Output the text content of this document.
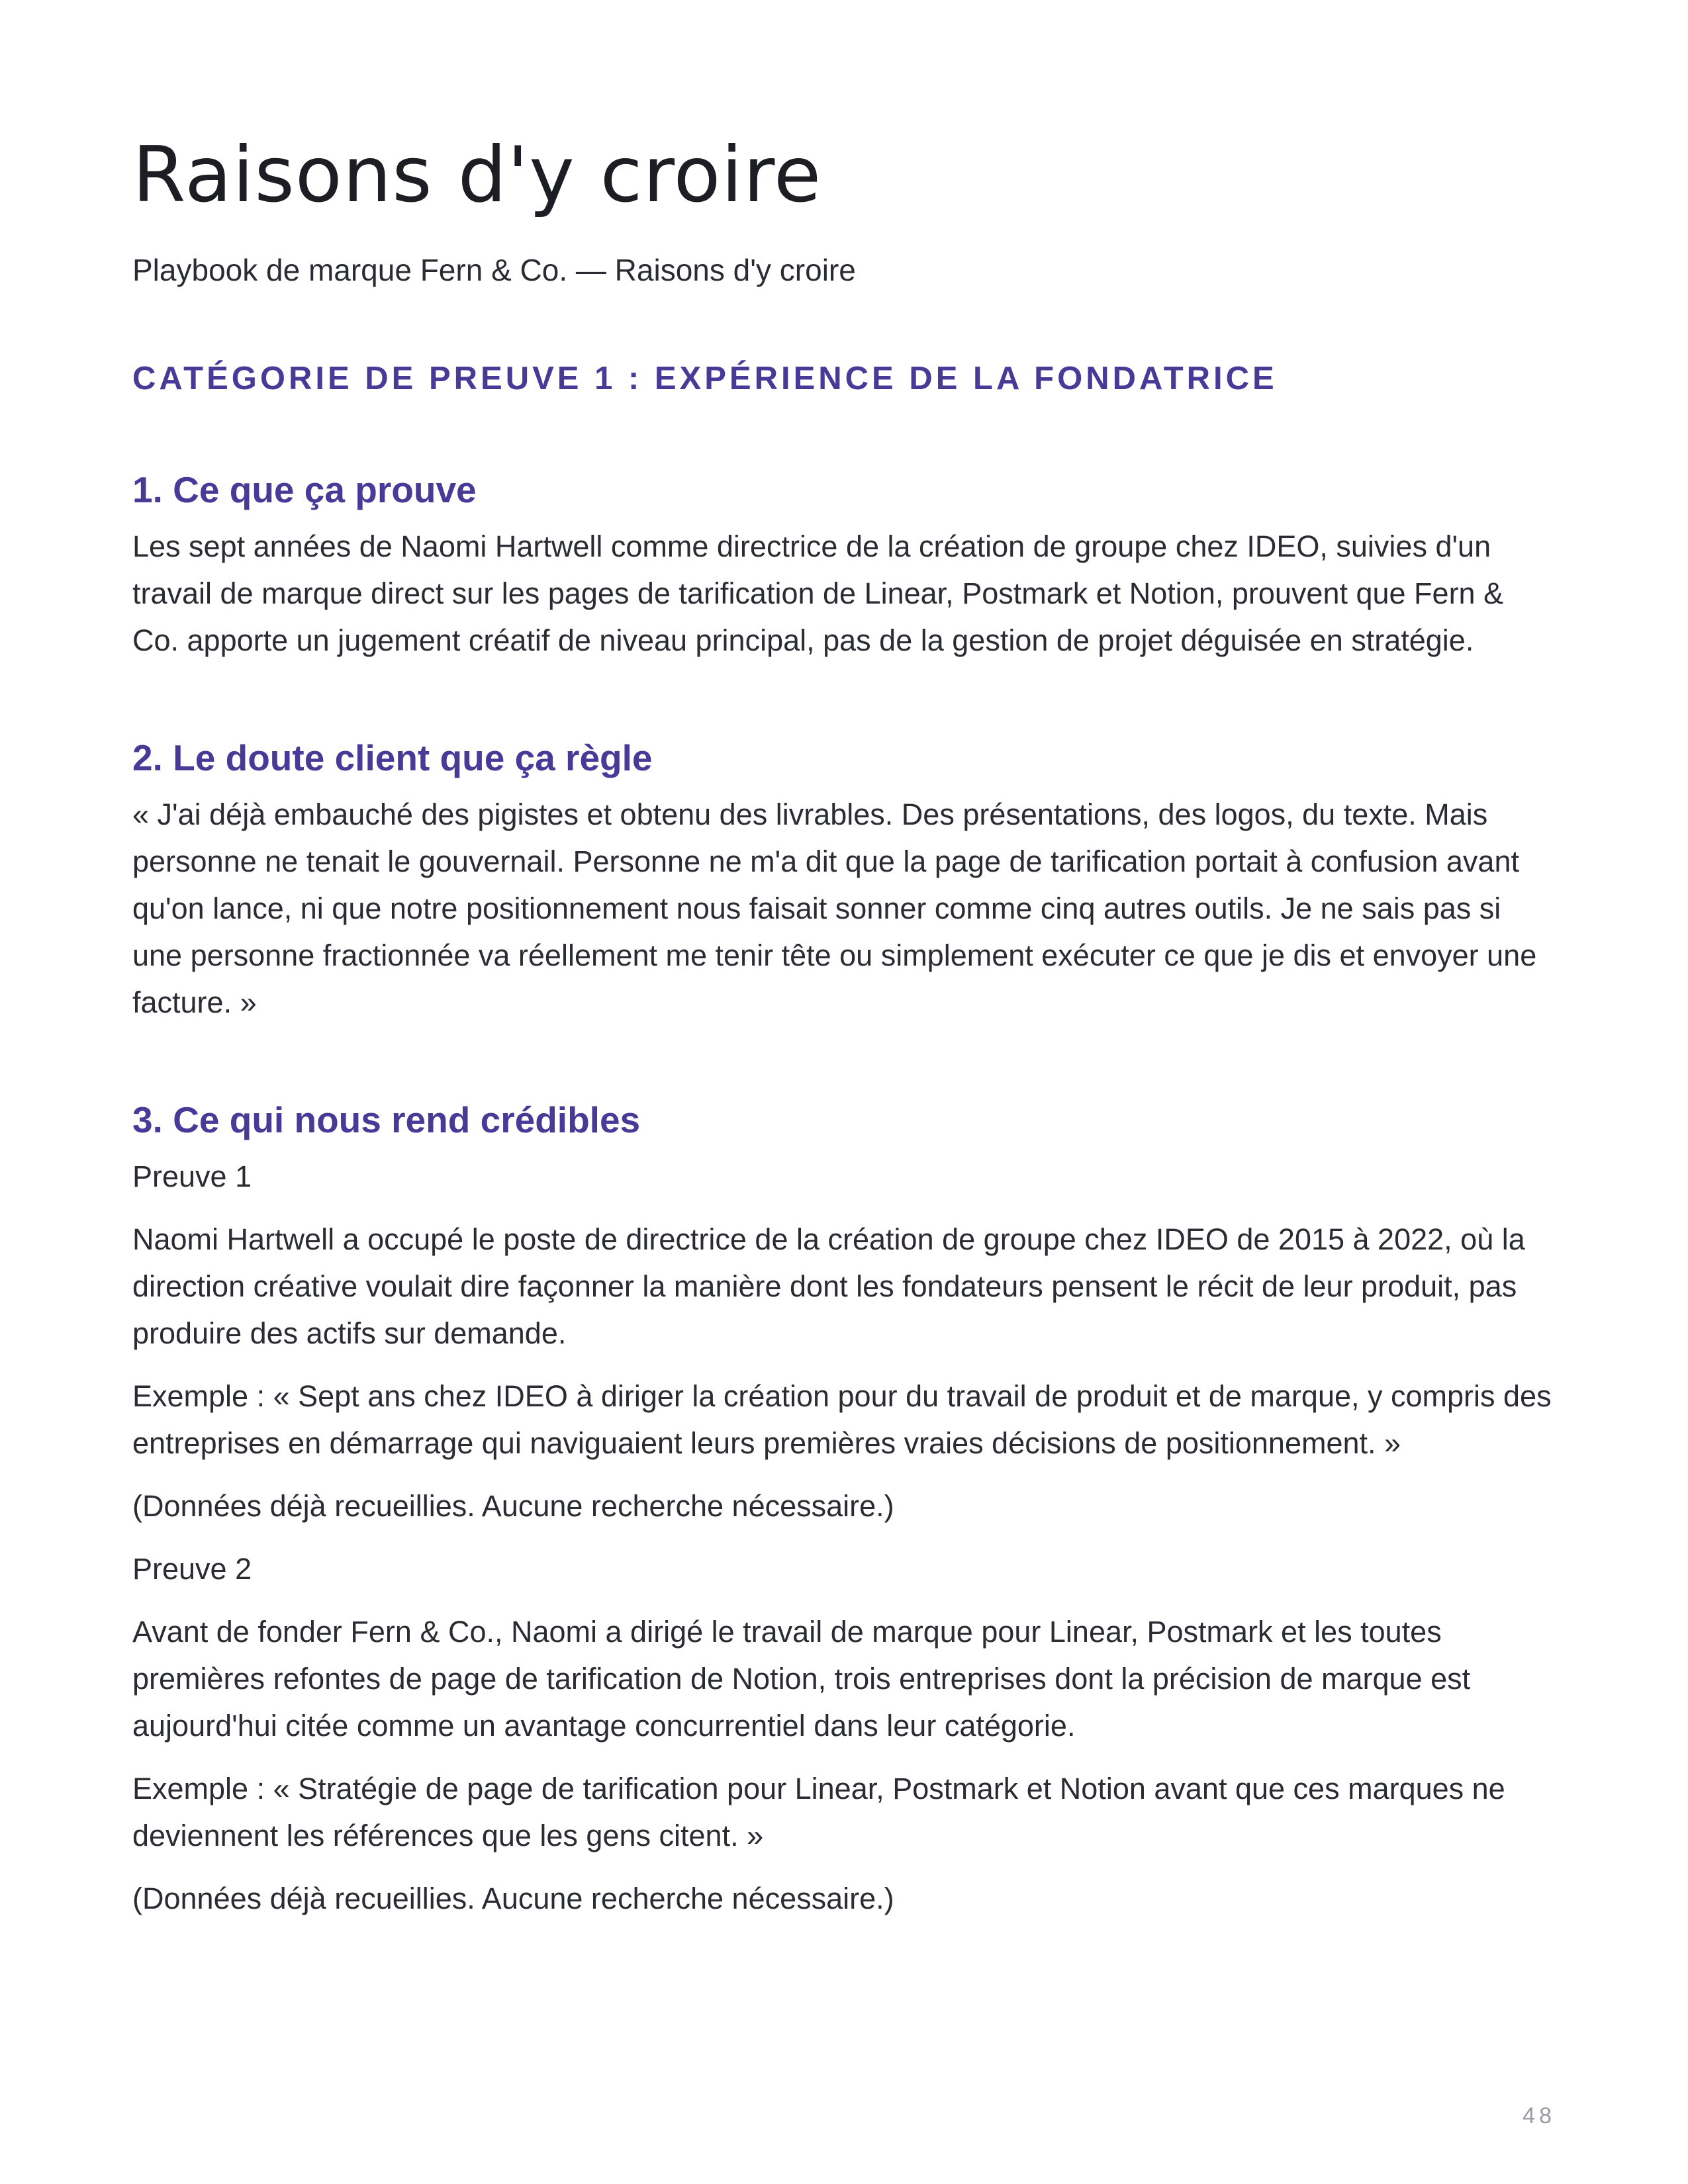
Raisons d'y croire
Playbook de marque Fern & Co. — Raisons d'y croire
CATÉGORIE DE PREUVE 1 : EXPÉRIENCE DE LA FONDATRICE
1. Ce que ça prouve

Les sept années de Naomi Hartwell comme directrice de la création de groupe chez IDEO, suivies d'un travail de marque direct sur les pages de tarification de Linear, Postmark et Notion, prouvent que Fern & Co. apporte un jugement créatif de niveau principal, pas de la gestion de projet déguisée en stratégie.

2. Le doute client que ça règle

« J'ai déjà embauché des pigistes et obtenu des livrables. Des présentations, des logos, du texte. Mais personne ne tenait le gouvernail. Personne ne m'a dit que la page de tarification portait à confusion avant qu'on lance, ni que notre positionnement nous faisait sonner comme cinq autres outils. Je ne sais pas si une personne fractionnée va réellement me tenir tête ou simplement exécuter ce que je dis et envoyer une facture. »

3. Ce qui nous rend crédibles

Preuve 1

Naomi Hartwell a occupé le poste de directrice de la création de groupe chez IDEO de 2015 à 2022, où la direction créative voulait dire façonner la manière dont les fondateurs pensent le récit de leur produit, pas produire des actifs sur demande.

Exemple : « Sept ans chez IDEO à diriger la création pour du travail de produit et de marque, y compris des entreprises en démarrage qui naviguaient leurs premières vraies décisions de positionnement. »

(Données déjà recueillies. Aucune recherche nécessaire.)

Preuve 2

Avant de fonder Fern & Co., Naomi a dirigé le travail de marque pour Linear, Postmark et les toutes premières refontes de page de tarification de Notion, trois entreprises dont la précision de marque est aujourd'hui citée comme un avantage concurrentiel dans leur catégorie.

Exemple : « Stratégie de page de tarification pour Linear, Postmark et Notion avant que ces marques ne deviennent les références que les gens citent. »

(Données déjà recueillies. Aucune recherche nécessaire.)

48
